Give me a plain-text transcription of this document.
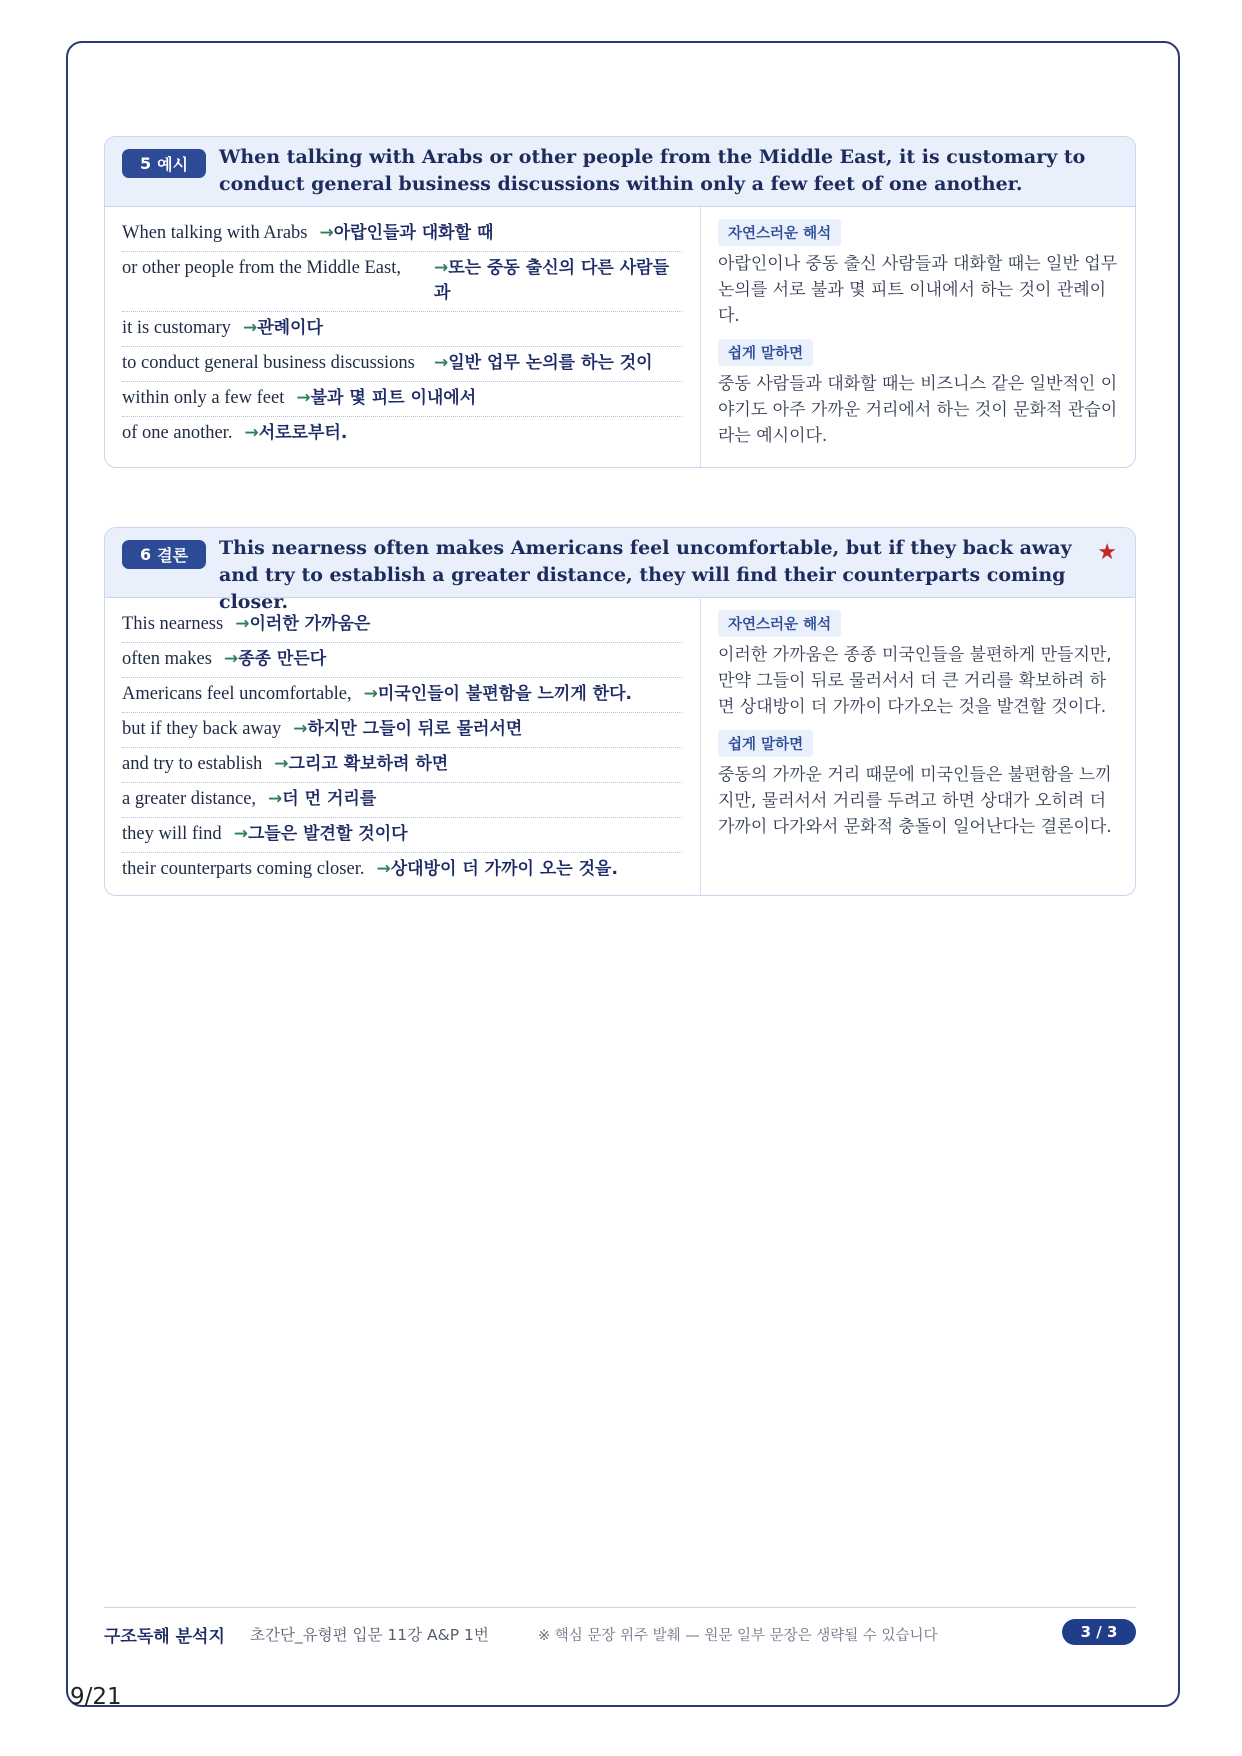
5 예시 When talking with Arabs or other people from the Middle East, it is customary to conduct general business discussions within only a few feet of one another.
When talking with Arabs →아랍인들과 대화할 때
or other people from the Middle East,	→또는 중동 출신의 다른 사람들과
it is customary →관례이다
to conduct general business discussions	→일반 업무 논의를 하는 것이
within only a few feet →불과 몇 피트 이내에서
of one another. →서로로부터.
자연스러운 해석

아랍인이나 중동 출신 사람들과 대화할 때는 일반 업무 논의를 서로 불과 몇 피트 이내에서 하는 것이 관례이다.

쉽게 말하면

중동 사람들과 대화할 때는 비즈니스 같은 일반적인 이야기도 아주 가까운 거리에서 하는 것이 문화적 관습이라는 예시이다.

6 결론 This nearness often makes Americans feel uncomfortable, but if they back away and try to establish a greater distance, they will find their counterparts coming closer.
★
This nearness →이러한 가까움은
often makes →종종 만든다
Americans feel uncomfortable, →미국인들이 불편함을 느끼게 한다.
but if they back away →하지만 그들이 뒤로 물러서면
and try to establish →그리고 확보하려 하면
a greater distance, →더 먼 거리를
they will find →그들은 발견할 것이다
their counterparts coming closer. →상대방이 더 가까이 오는 것을.
자연스러운 해석

이러한 가까움은 종종 미국인들을 불편하게 만들지만, 만약 그들이 뒤로 물러서서 더 큰 거리를 확보하려 하면 상대방이 더 가까이 다가오는 것을 발견할 것이다.

쉽게 말하면

중동의 가까운 거리 때문에 미국인들은 불편함을 느끼지만, 물러서서 거리를 두려고 하면 상대가 오히려 더 가까이 다가와서 문화적 충돌이 일어난다는 결론이다.

구조독해 분석지 초간단_유형편 입문 11강 A&P 1번	※ 핵심 문장 위주 발췌 — 원문 일부 문장은 생략될 수 있습니다	3 / 3
9/21
